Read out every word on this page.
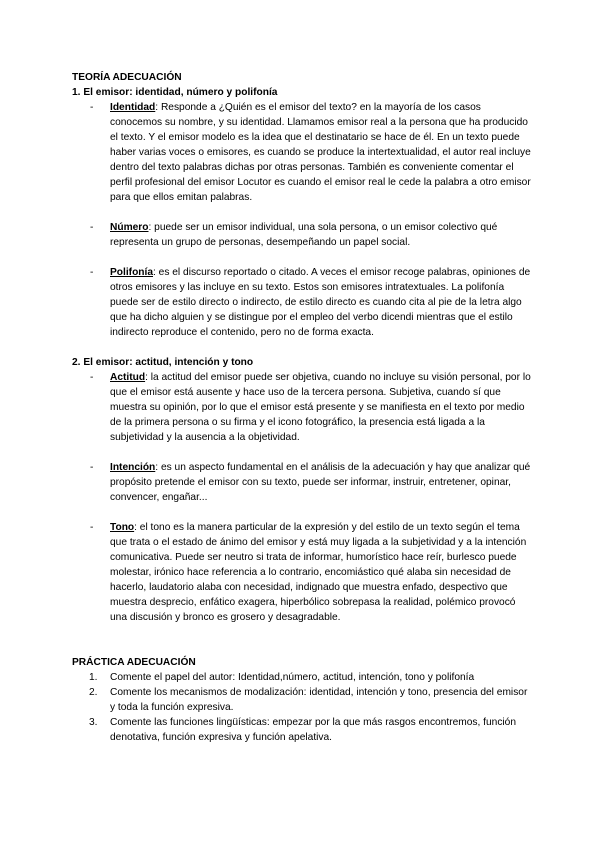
TEORÍA ADECUACIÓN

1. El emisor: identidad, número y polifonía

- Identidad: Responde a ¿Quién es el emisor del texto? en la mayoría de los casos conocemos su nombre, y su identidad. Llamamos emisor real a la persona que ha producido el texto. Y el emisor modelo es la idea que el destinatario se hace de él. En un texto puede haber varias voces o emisores, es cuando se produce la intertextualidad, el autor real incluye dentro del texto palabras dichas por otras personas. También es conveniente comentar el perfil profesional del emisor Locutor es cuando el emisor real le cede la palabra a otro emisor para que ellos emitan palabras.
- Número: puede ser un emisor individual, una sola persona, o un emisor colectivo qué representa un grupo de personas, desempeñando un papel social.
- Polifonía: es el discurso reportado o citado. A veces el emisor recoge palabras, opiniones de otros emisores y las incluye en su texto. Estos son emisores intratextuales. La polifonía puede ser de estilo directo o indirecto, de estilo directo es cuando cita al pie de la letra algo que ha dicho alguien y se distingue por el empleo del verbo dicendi mientras que el estilo indirecto reproduce el contenido, pero no de forma exacta.

2. El emisor: actitud, intención y tono

- Actitud: la actitud del emisor puede ser objetiva, cuando no incluye su visión personal, por lo que el emisor está ausente y hace uso de la tercera persona. Subjetiva, cuando sí que muestra su opinión, por lo que el emisor está presente y se manifiesta en el texto por medio de la primera persona o su firma y el icono fotográfico, la presencia está ligada a la subjetividad y la ausencia a la objetividad.
- Intención: es un aspecto fundamental en el análisis de la adecuación y hay que analizar qué propósito pretende el emisor con su texto, puede ser informar, instruir, entretener, opinar, convencer, engañar...
- Tono: el tono es la manera particular de la expresión y del estilo de un texto según el tema que trata o el estado de ánimo del emisor y está muy ligada a la subjetividad y a la intención comunicativa. Puede ser neutro si trata de informar, humorístico hace reír, burlesco puede molestar, irónico hace referencia a lo contrario, encomiástico qué alaba sin necesidad de hacerlo, laudatorio alaba con necesidad, indignado que muestra enfado, despectivo que muestra desprecio, enfático exagera, hiperbólico sobrepasa la realidad, polémico provocó una discusión y bronco es grosero y desagradable.

PRÁCTICA ADECUACIÓN

1. Comente el papel del autor: Identidad,número, actitud, intención, tono y polifonía
2. Comente los mecanismos de modalización: identidad, intención y tono, presencia del emisor y toda la función expresiva.
3. Comente las funciones lingüísticas: empezar por la que más rasgos encontremos, función denotativa, función expresiva y función apelativa.
